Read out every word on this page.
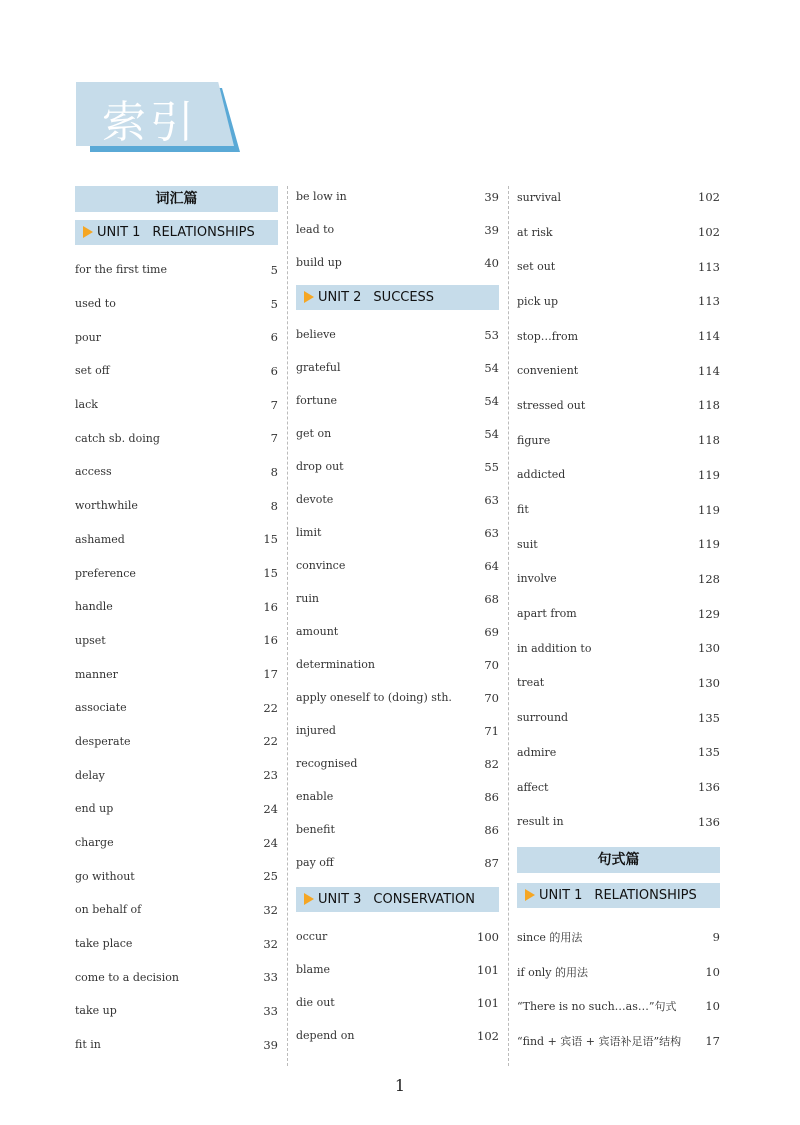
索引
词汇篇
UNIT 1 RELATIONSHIPS
for the first time	5
used to	5
pour	6
set off	6
lack	7
catch sb. doing	7
access	8
worthwhile	8
ashamed	15
preference	15
handle	16
upset	16
manner	17
associate	22
desperate	22
delay	23
end up	24
charge	24
go without	25
on behalf of	32
take place	32
come to a decision	33
take up	33
fit in	39
be low in	39
lead to	39
build up	40
UNIT 2 SUCCESS
believe	53
grateful	54
fortune	54
get on	54
drop out	55
devote	63
limit	63
convince	64
ruin	68
amount	69
determination	70
apply oneself to (doing) sth.	70
injured	71
recognised	82
enable	86
benefit	86
pay off	87
UNIT 3 CONSERVATION
occur	100
blame	101
die out	101
depend on	102
survival	102
at risk	102
set out	113
pick up	113
stop…from	114
convenient	114
stressed out	118
figure	118
addicted	119
fit	119
suit	119
involve	128
apart from	129
in addition to	130
treat	130
surround	135
admire	135
affect	136
result in	136
句式篇
UNIT 1 RELATIONSHIPS
since 的用法	9
if only 的用法	10
“There is no such…as…”句式	10
“find + 宾语 + 宾语补足语”结构 17
1
